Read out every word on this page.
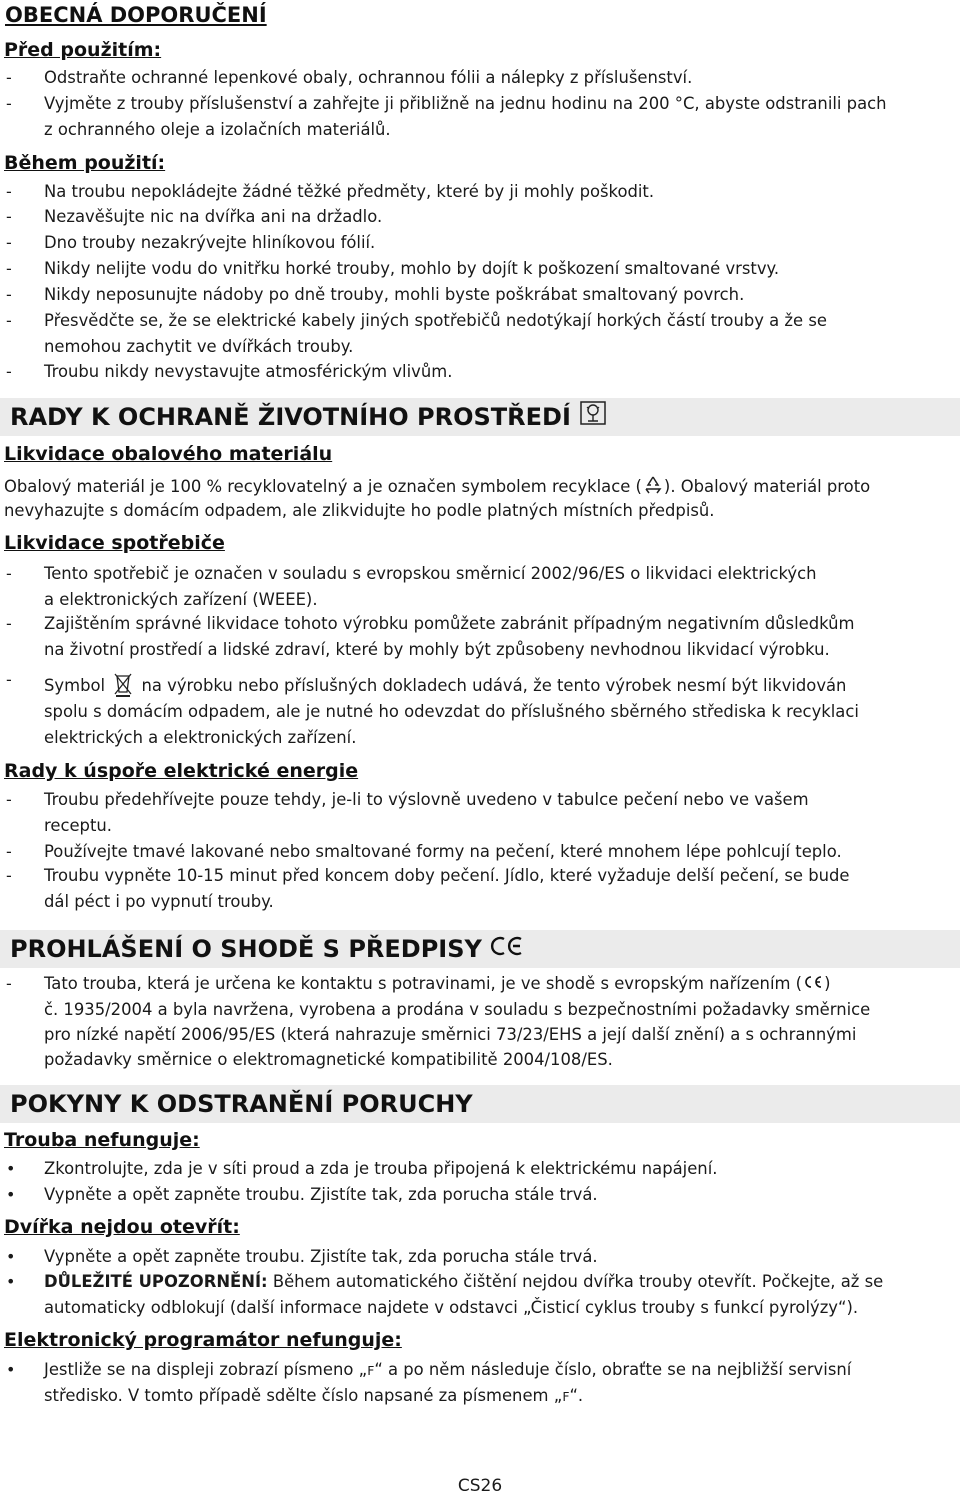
OBECNÁ DOPORUČENÍ
Před použitím:
- Odstraňte ochranné lepenkové obaly, ochrannou fólii a nálepky z příslušenství.
- Vyjměte z trouby příslušenství a zahřejte ji přibližně na jednu hodinu na 200 °C, abyste odstranili pach
z ochranného oleje a izolačních materiálů.
Během použití:
- Na troubu nepokládejte žádné těžké předměty, které by ji mohly poškodit.
- Nezavěšujte nic na dvířka ani na držadlo.
- Dno trouby nezakrývejte hliníkovou fólií.
- Nikdy nelijte vodu do vnitřku horké trouby, mohlo by dojít k poškození smaltované vrstvy.
- Nikdy neposunujte nádoby po dně trouby, mohli byste poškrábat smaltovaný povrch.
- Přesvědčte se, že se elektrické kabely jiných spotřebičů nedotýkají horkých částí trouby a že se
nemohou zachytit ve dvířkách trouby.
- Troubu nikdy nevystavujte atmosférickým vlivům.
RADY K OCHRANĚ ŽIVOTNÍHO PROSTŘEDÍ
Likvidace obalového materiálu
Obalový materiál je 100 % recyklovatelný a je označen symbolem recyklace ( ). Obalový materiál proto
nevyhazujte s domácím odpadem, ale zlikvidujte ho podle platných místních předpisů.
Likvidace spotřebiče
- Tento spotřebič je označen v souladu s evropskou směrnicí 2002/96/ES o likvidaci elektrických
a elektronických zařízení (WEEE).
- Zajištěním správné likvidace tohoto výrobku pomůžete zabránit případným negativním důsledkům
na životní prostředí a lidské zdraví, které by mohly být způsobeny nevhodnou likvidací výrobku.
- Symbol na výrobku nebo příslušných dokladech udává, že tento výrobek nesmí být likvidován
spolu s domácím odpadem, ale je nutné ho odevzdat do příslušného sběrného střediska k recyklaci
elektrických a elektronických zařízení.
Rady k úspoře elektrické energie
- Troubu předehřívejte pouze tehdy, je-li to výslovně uvedeno v tabulce pečení nebo ve vašem
receptu.
- Používejte tmavé lakované nebo smaltované formy na pečení, které mnohem lépe pohlcují teplo.
- Troubu vypněte 10-15 minut před koncem doby pečení. Jídlo, které vyžaduje delší pečení, se bude
dál péct i po vypnutí trouby.
PROHLÁŠENÍ O SHODĚ S PŘEDPISY
- Tato trouba, která je určena ke kontaktu s potravinami, je ve shodě s evropským nařízením ( )
č. 1935/2004 a byla navržena, vyrobena a prodána v souladu s bezpečnostními požadavky směrnice
pro nízké napětí 2006/95/ES (která nahrazuje směrnici 73/23/EHS a její další znění) a s ochrannými
požadavky směrnice o elektromagnetické kompatibilitě 2004/108/ES.
POKYNY K ODSTRANĚNÍ PORUCHY
Trouba nefunguje:
• Zkontrolujte, zda je v síti proud a zda je trouba připojená k elektrickému napájení.
• Vypněte a opět zapněte troubu. Zjistíte tak, zda porucha stále trvá.
Dvířka nejdou otevřít:
• Vypněte a opět zapněte troubu. Zjistíte tak, zda porucha stále trvá.
• DŮLEŽITÉ UPOZORNĚNÍ: Během automatického čištění nejdou dvířka trouby otevřít. Počkejte, až se
automaticky odblokují (další informace najdete v odstavci „Čisticí cyklus trouby s funkcí pyrolýzy“).
Elektronický programátor nefunguje:
• Jestliže se na displeji zobrazí písmeno „F“ a po něm následuje číslo, obraťte se na nejbližší servisní
středisko. V tomto případě sdělte číslo napsané za písmenem „F“.
CS26
